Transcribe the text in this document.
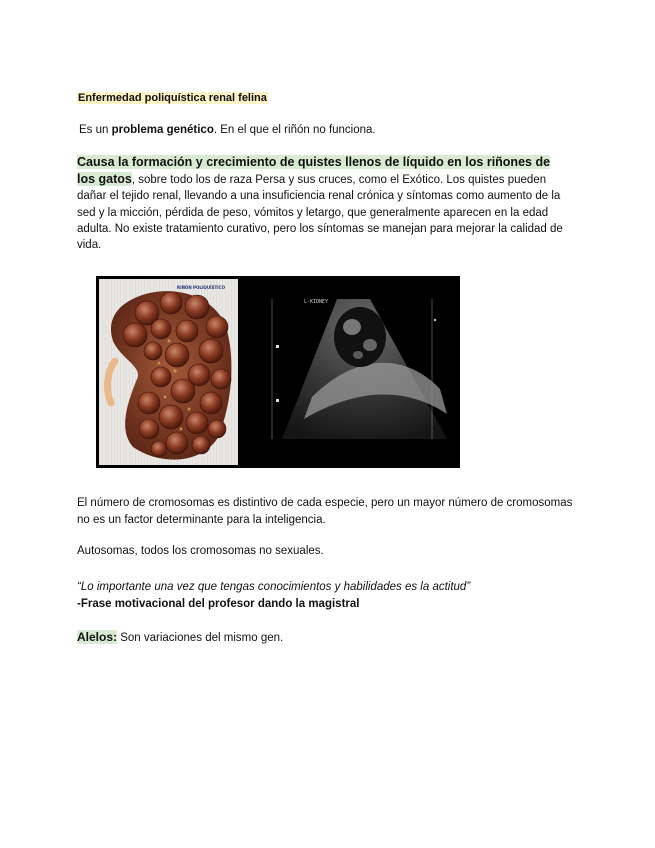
Enfermedad poliquística renal felina
Es un problema genético. En el que el riñón no funciona.
Causa la formación y crecimiento de quistes llenos de líquido en los riñones de los gatos, sobre todo los de raza Persa y sus cruces, como el Exótico. Los quistes pueden dañar el tejido renal, llevando a una insuficiencia renal crónica y síntomas como aumento de la sed y la micción, pérdida de peso, vómitos y letargo, que generalmente aparecen en la edad adulta. No existe tratamiento curativo, pero los síntomas se manejan para mejorar la calidad de vida.
RIÑÓN POLIQUÍSTICO
L-KIDNEY
El número de cromosomas es distintivo de cada especie, pero un mayor número de cromosomas no es un factor determinante para la inteligencia.
Autosomas, todos los cromosomas no sexuales.
“Lo importante una vez que tengas conocimientos y habilidades es la actitud”
-Frase motivacional del profesor dando la magistral
Alelos: Son variaciones del mismo gen.
